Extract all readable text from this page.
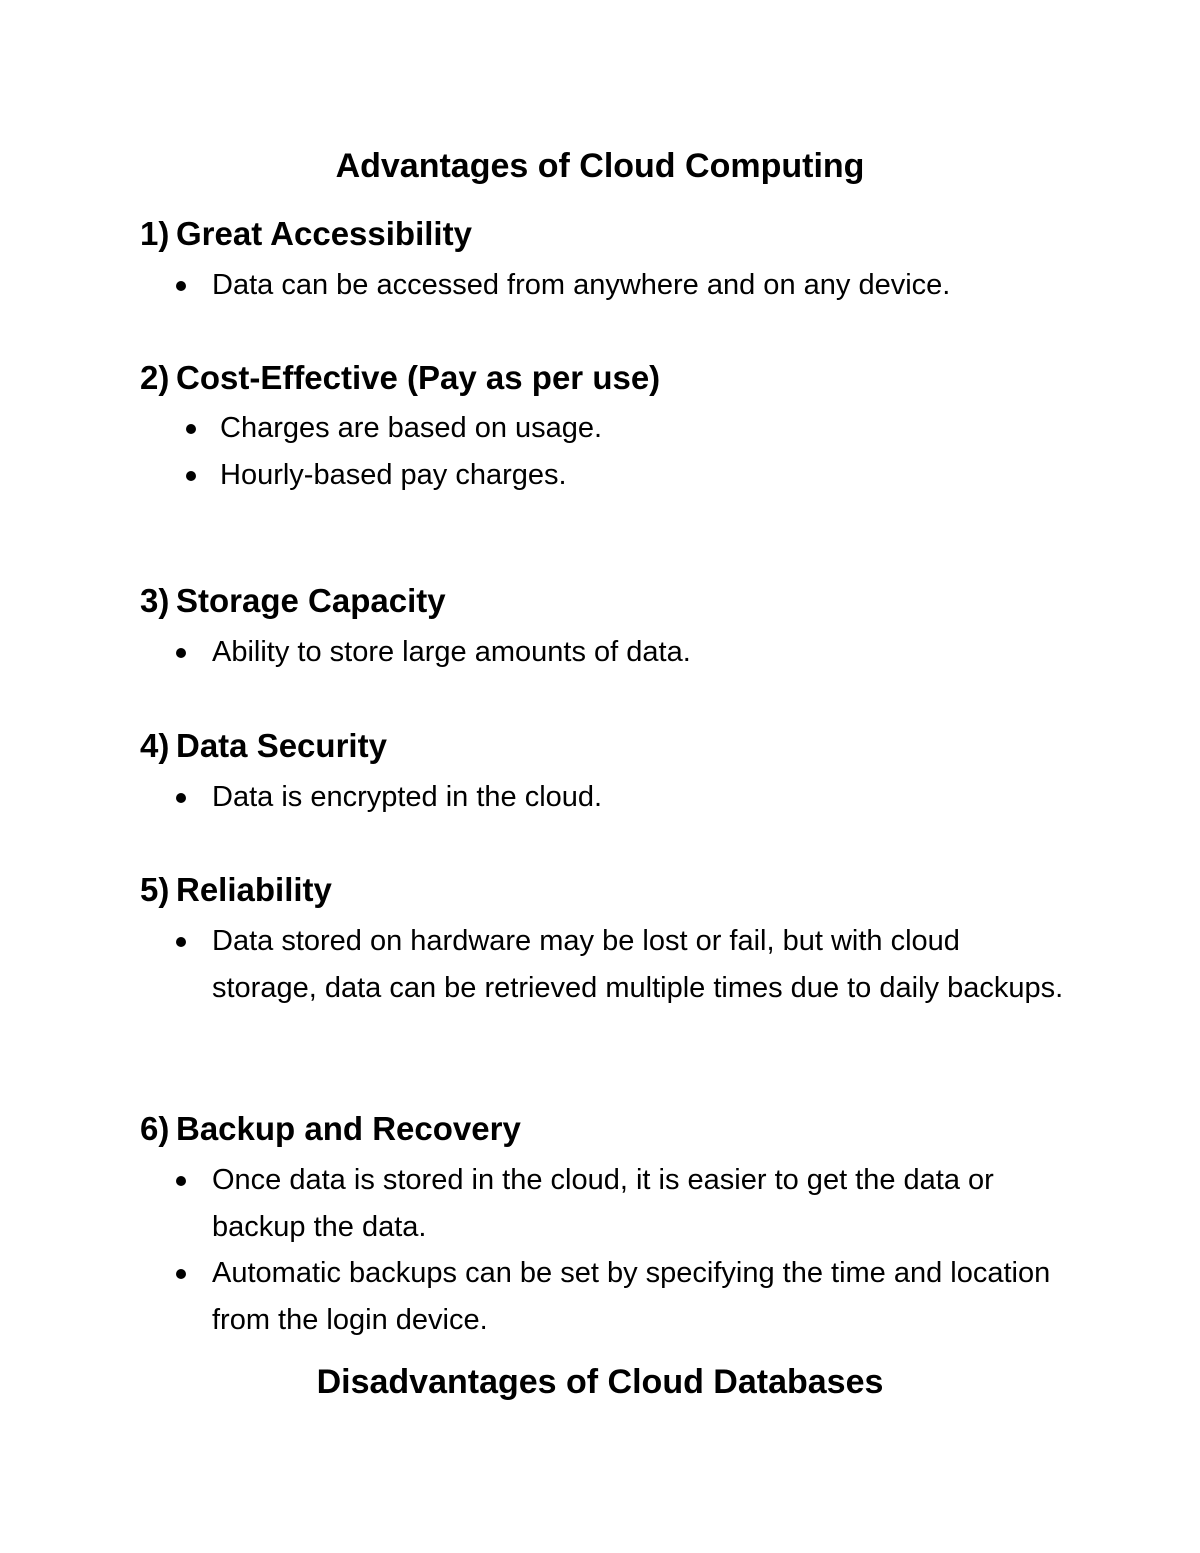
Advantages of Cloud Computing
1) Great Accessibility

Data can be accessed from anywhere and on any device.

2) Cost-Effective (Pay as per use)

Charges are based on usage.

Hourly-based pay charges.

3) Storage Capacity

Ability to store large amounts of data.

4) Data Security

Data is encrypted in the cloud.

5) Reliability

Data stored on hardware may be lost or fail, but with cloud storage, data can be retrieved multiple times due to daily backups.

6) Backup and Recovery

Once data is stored in the cloud, it is easier to get the data or backup the data.

Automatic backups can be set by specifying the time and location from the login device.

Disadvantages of Cloud Databases
